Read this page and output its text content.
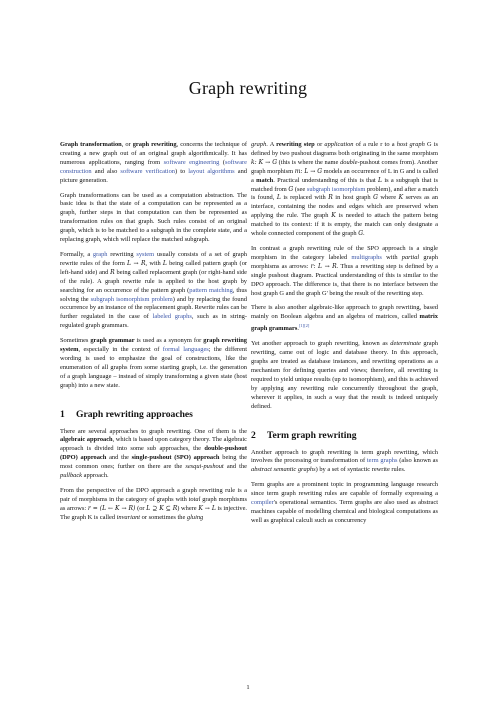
Graph rewriting

Graph transformation, or graph rewriting, concerns the technique of creating a new graph out of an original graph algorithmically. It has numerous applications, ranging from software engineering (software construction and also software verification) to layout algorithms and picture generation.

Graph transformations can be used as a computation abstraction. The basic idea is that the state of a computation can be represented as a graph, further steps in that computation can then be represented as transformation rules on that graph. Such rules consist of an original graph, which is to be matched to a subgraph in the complete state, and a replacing graph, which will replace the matched subgraph.

Formally, a graph rewriting system usually consists of a set of graph rewrite rules of the form L → R, with L being called pattern graph (or left-hand side) and R being called replacement graph (or right-hand side of the rule). A graph rewrite rule is applied to the host graph by searching for an occurrence of the pattern graph (pattern matching, thus solving the subgraph isomorphism problem) and by replacing the found occurrence by an instance of the replacement graph. Rewrite rules can be further regulated in the case of labeled graphs, such as in string-regulated graph grammars.

Sometimes graph grammar is used as a synonym for graph rewriting system, especially in the context of formal languages; the different wording is used to emphasize the goal of constructions, like the enumeration of all graphs from some starting graph, i.e. the generation of a graph language – instead of simply transforming a given state (host graph) into a new state.

1 Graph rewriting approaches

There are several approaches to graph rewriting. One of them is the algebraic approach, which is based upon category theory. The algebraic approach is divided into some sub approaches, the double-pushout (DPO) approach and the single-pushout (SPO) approach being the most common ones; further on there are the sesqui-pushout and the pullback approach.

From the perspective of the DPO approach a graph rewriting rule is a pair of morphisms in the category of graphs with total graph morphisms as arrows: r = (L ← K → R) (or L ⊇ K ⊆ R) where K → L is injective. The graph K is called invariant or sometimes the gluing

graph. A rewriting step or application of a rule r to a host graph G is defined by two pushout diagrams both originating in the same morphism k: K → G (this is where the name double-pushout comes from). Another graph morphism m: L → G models an occurrence of L in G and is called a match. Practical understanding of this is that L is a subgraph that is matched from G (see subgraph isomorphism problem), and after a match is found, L is replaced with R in host graph G where K serves as an interface, containing the nodes and edges which are preserved when applying the rule. The graph K is needed to attach the pattern being matched to its context: if it is empty, the match can only designate a whole connected component of the graph G.

In contrast a graph rewriting rule of the SPO approach is a single morphism in the category labeled multigraphs with partial graph morphisms as arrows: r: L → R. Thus a rewriting step is defined by a single pushout diagram. Practical understanding of this is similar to the DPO approach. The difference is, that there is no interface between the host graph G and the graph G' being the result of the rewriting step.

There is also another algebraic-like approach to graph rewriting, based mainly on Boolean algebra and an algebra of matrices, called matrix graph grammars.[1][2]

Yet another approach to graph rewriting, known as determinate graph rewriting, came out of logic and database theory. In this approach, graphs are treated as database instances, and rewriting operations as a mechanism for defining queries and views; therefore, all rewriting is required to yield unique results (up to isomorphism), and this is achieved by applying any rewriting rule concurrently throughout the graph, wherever it applies, in such a way that the result is indeed uniquely defined.

2 Term graph rewriting

Another approach to graph rewriting is term graph rewriting, which involves the processing or transformation of term graphs (also known as abstract semantic graphs) by a set of syntactic rewrite rules.

Term graphs are a prominent topic in programming language research since term graph rewriting rules are capable of formally expressing a compiler's operational semantics. Term graphs are also used as abstract machines capable of modelling chemical and biological computations as well as graphical calculi such as concurrency

1
